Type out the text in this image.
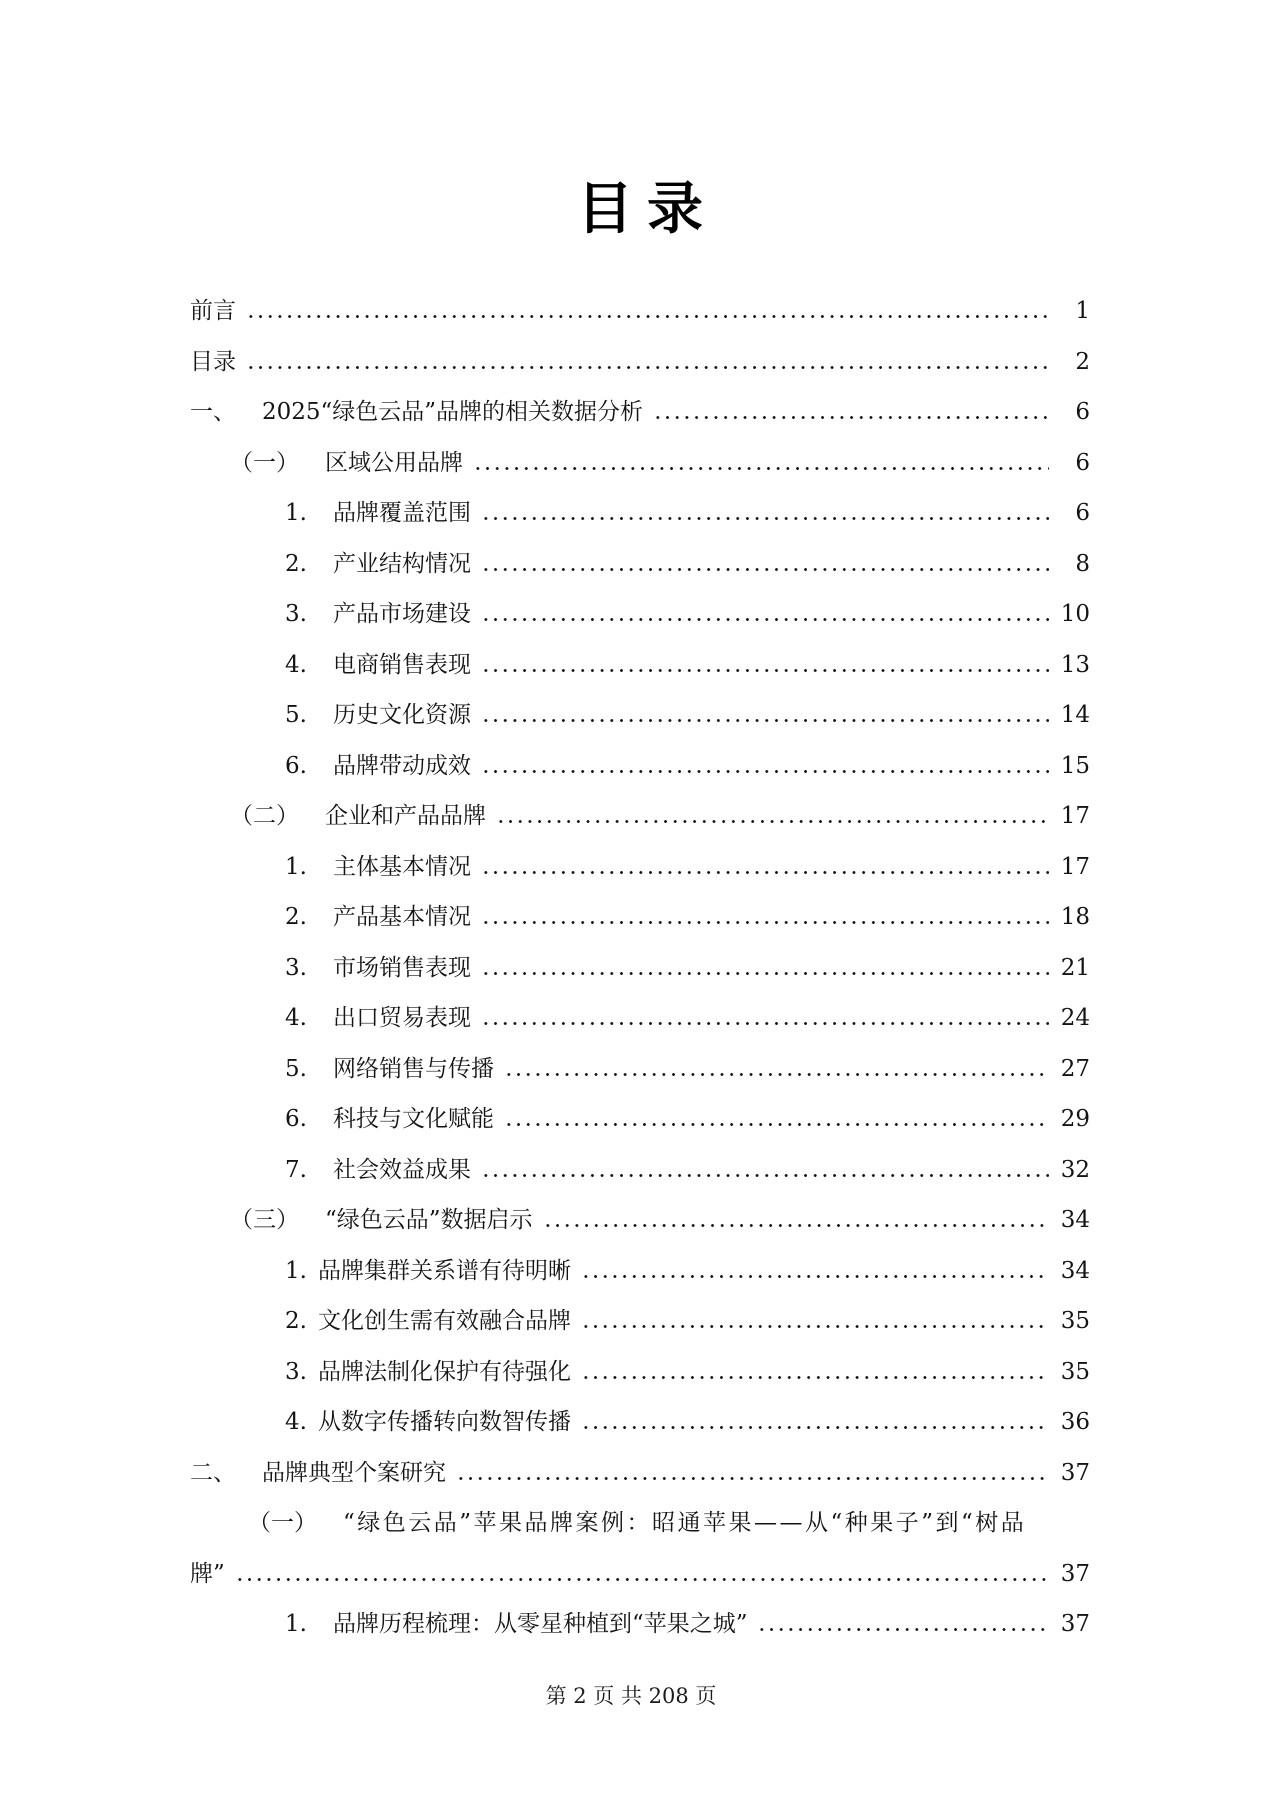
目录
前言	1
目录	2
一、 2025“绿色云品”品牌的相关数据分析	6
（一） 区域公用品牌	6
1. 品牌覆盖范围	6
2. 产业结构情况	8
3. 产品市场建设	10
4. 电商销售表现	13
5. 历史文化资源	14
6. 品牌带动成效	15
（二） 企业和产品品牌	17
1. 主体基本情况	17
2. 产品基本情况	18
3. 市场销售表现	21
4. 出口贸易表现	24
5. 网络销售与传播	27
6. 科技与文化赋能	29
7. 社会效益成果	32
（三） “绿色云品”数据启示	34
1. 品牌集群关系谱有待明晰	34
2. 文化创生需有效融合品牌	35
3. 品牌法制化保护有待强化	35
4. 从数字传播转向数智传播	36
二、 品牌典型个案研究	37
（一） “绿色云品”苹果品牌案例：昭通苹果——从“种果子”到“树品
牌”	37
1. 品牌历程梳理：从零星种植到“苹果之城”	37
第 2 页 共 208 页
